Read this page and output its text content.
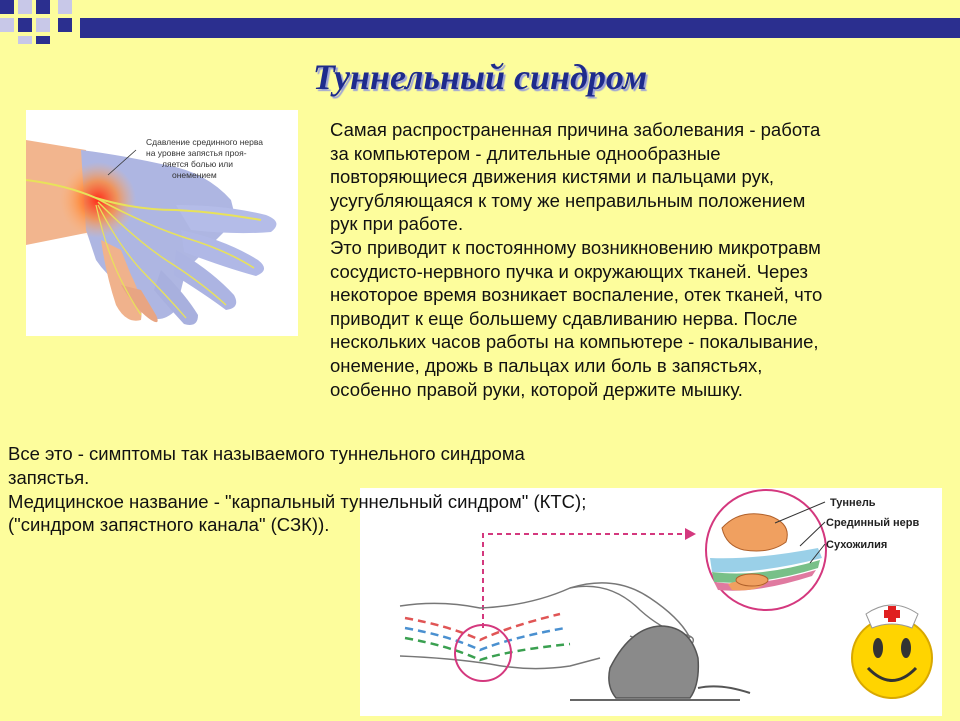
Туннельный синдром
Сдавление срединного нерва
на уровне запястья проя-
ляется болью или
онемением
Самая распространенная причина заболевания - работа
за компьютером - длительные однообразные
повторяющиеся движения кистями и пальцами рук,
усугубляющаяся к тому же неправильным положением
рук при работе.
Это приводит к постоянному возникновению микротравм
сосудисто-нервного пучка и окружающих тканей. Через
некоторое время возникает воспаление, отек тканей, что
приводит к еще большему сдавливанию нерва. После
нескольких часов работы на компьютере - покалывание,
онемение, дрожь в пальцах или боль в запястьях,
особенно правой руки, которой держите мышку.
Туннель
Срединный нерв
Сухожилия
Все это - симптомы так называемого туннельного синдрома
запястья.
Медицинское название - "карпальный туннельный синдром" (КТС);
("синдром запястного канала" (СЗК)).
